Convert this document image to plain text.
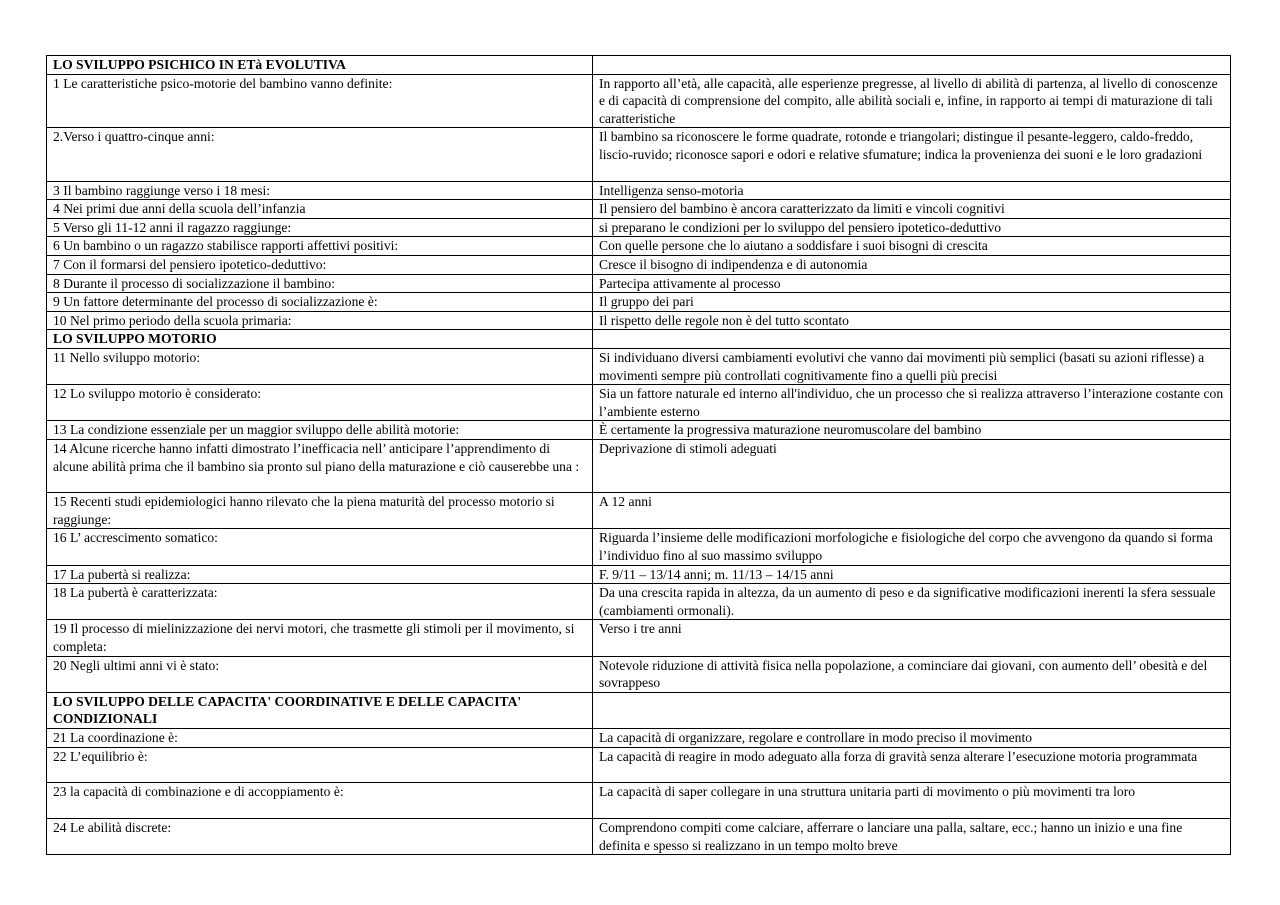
LO SVILUPPO PSICHICO IN ETà EVOLUTIVA	
1 Le caratteristiche psico-motorie del bambino vanno definite:	In rapporto all’età, alle capacità, alle esperienze pregresse, al livello di abilità di partenza, al livello di conoscenze e di capacità di comprensione del compito, alle abilità sociali e, infine, in rapporto ai tempi di maturazione di tali caratteristiche
2.Verso i quattro-cinque anni:	Il bambino sa riconoscere le forme quadrate, rotonde e triangolari; distingue il pesante-leggero, caldo-freddo, liscio-ruvido; riconosce sapori e odori e relative sfumature; indica la provenienza dei suoni e le loro gradazioni
3 Il bambino raggiunge verso i 18 mesi:	Intelligenza senso-motoria
4 Nei primi due anni della scuola dell’infanzia	Il pensiero del bambino è ancora caratterizzato da limiti e vincoli cognitivi
5 Verso gli 11-12 anni il ragazzo raggiunge:	si preparano le condizioni per lo sviluppo del pensiero ipotetico-deduttivo
6 Un bambino o un ragazzo stabilisce rapporti affettivi positivi:	Con quelle persone che lo aiutano a soddisfare i suoi bisogni di crescita
7 Con il formarsi del pensiero ipotetico-deduttivo:	Cresce il bisogno di indipendenza e di autonomia
8 Durante il processo di socializzazione il bambino:	Partecipa attivamente al processo
9 Un fattore determinante del processo di socializzazione è:	Il gruppo dei pari
10 Nel primo periodo della scuola primaria:	Il rispetto delle regole non è del tutto scontato
LO SVILUPPO MOTORIO	
11 Nello sviluppo motorio:	Si individuano diversi cambiamenti evolutivi che vanno dai movimenti più semplici (basati su azioni riflesse) a movimenti sempre più controllati cognitivamente fino a quelli più precisi
12 Lo sviluppo motorio è considerato:	Sia un fattore naturale ed interno all'individuo, che un processo che si realizza attraverso l’interazione costante con l’ambiente esterno
13 La condizione essenziale per un maggior sviluppo delle abilità motorie:	È certamente la progressiva maturazione neuromuscolare del bambino
14 Alcune ricerche hanno infatti dimostrato l’inefficacia nell’ anticipare l’apprendimento di alcune abilità prima che il bambino sia pronto sul piano della maturazione e ciò causerebbe una :	Deprivazione di stimoli adeguati
15 Recenti studi epidemiologici hanno rilevato che la piena maturità del processo motorio si raggiunge:	A 12 anni
16 L’ accrescimento somatico:	Riguarda l’insieme delle modificazioni morfologiche e fisiologiche del corpo che avvengono da quando si forma l’individuo fino al suo massimo sviluppo
17 La pubertà si realizza:	F. 9/11 – 13/14 anni; m. 11/13 – 14/15 anni
18 La pubertà è caratterizzata:	Da una crescita rapida in altezza, da un aumento di peso e da significative modificazioni inerenti la sfera sessuale (cambiamenti ormonali).
19 Il processo di mielinizzazione dei nervi motori, che trasmette gli stimoli per il movimento, si completa:	Verso i tre anni
20 Negli ultimi anni vi è stato:	Notevole riduzione di attività fisica nella popolazione, a cominciare dai giovani, con aumento dell’ obesità e del sovrappeso
LO SVILUPPO DELLE CAPACITA' COORDINATIVE E DELLE CAPACITA' CONDIZIONALI	
21 La coordinazione è:	La capacità di organizzare, regolare e controllare in modo preciso il movimento
22 L’equilibrio è:	La capacità di reagire in modo adeguato alla forza di gravità senza alterare l’esecuzione motoria programmata
23 la capacità di combinazione e di accoppiamento è:	La capacità di saper collegare in una struttura unitaria parti di movimento o più movimenti tra loro
24 Le abilità discrete:	Comprendono compiti come calciare, afferrare o lanciare una palla, saltare, ecc.; hanno un inizio e una fine definita e spesso si realizzano in un tempo molto breve
